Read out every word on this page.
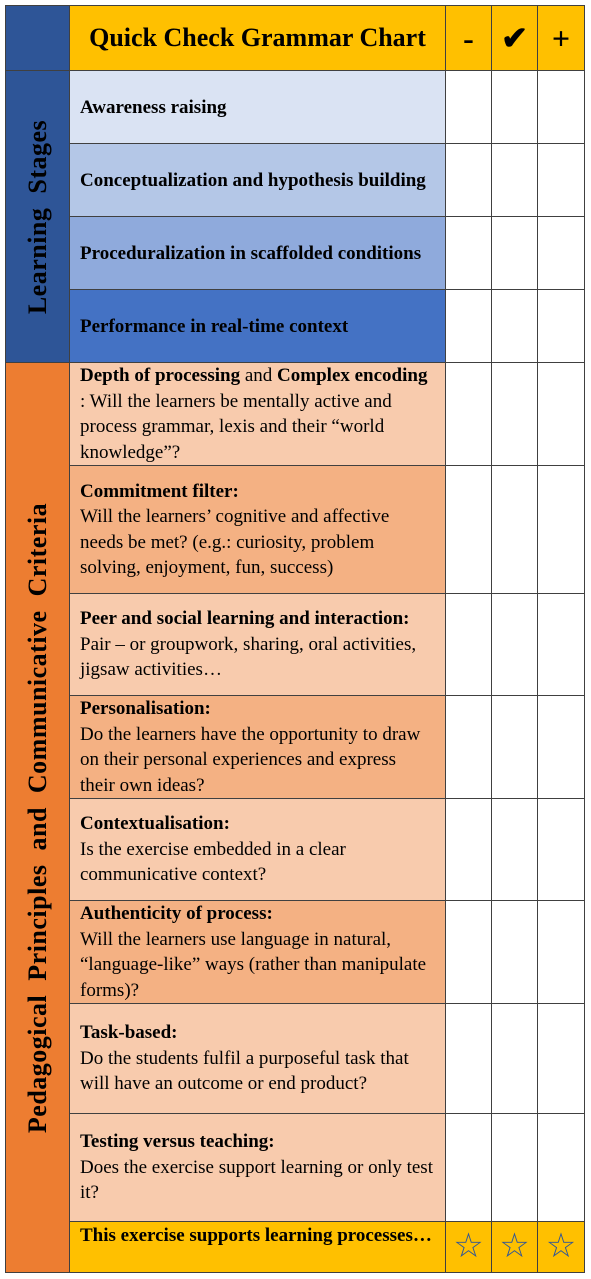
	Quick Check Grammar Chart	-	✔	+

Learning  Stages	Awareness raising			
	Conceptualization and hypothesis building			
	Proceduralization in scaffolded conditions			
	Performance in real-time context			

Pedagogical  Principles  and  Communicative  Criteria	Depth of processing and Complex encoding : Will the learners be mentally active and process grammar, lexis and their “world knowledge”?			
	Commitment filter:
Will the learners’ cognitive and affective needs be met? (e.g.: curiosity, problem solving, enjoyment, fun, success)			
	Peer and social learning and interaction:
Pair – or groupwork, sharing, oral activities, jigsaw activities…			
	Personalisation:
Do the learners have the opportunity to draw on their personal experiences and express their own ideas?			
	Contextualisation:
Is the exercise embedded in a clear communicative context?			
	Authenticity of process:
Will the learners use language in natural, “language-like” ways (rather than manipulate forms)?			
	Task-based:
Do the students fulfil a purposeful task that will have an outcome or end product?			
	Testing versus teaching:
Does the exercise support learning or only test it?			
	This exercise supports learning processes…	☆	☆	☆
